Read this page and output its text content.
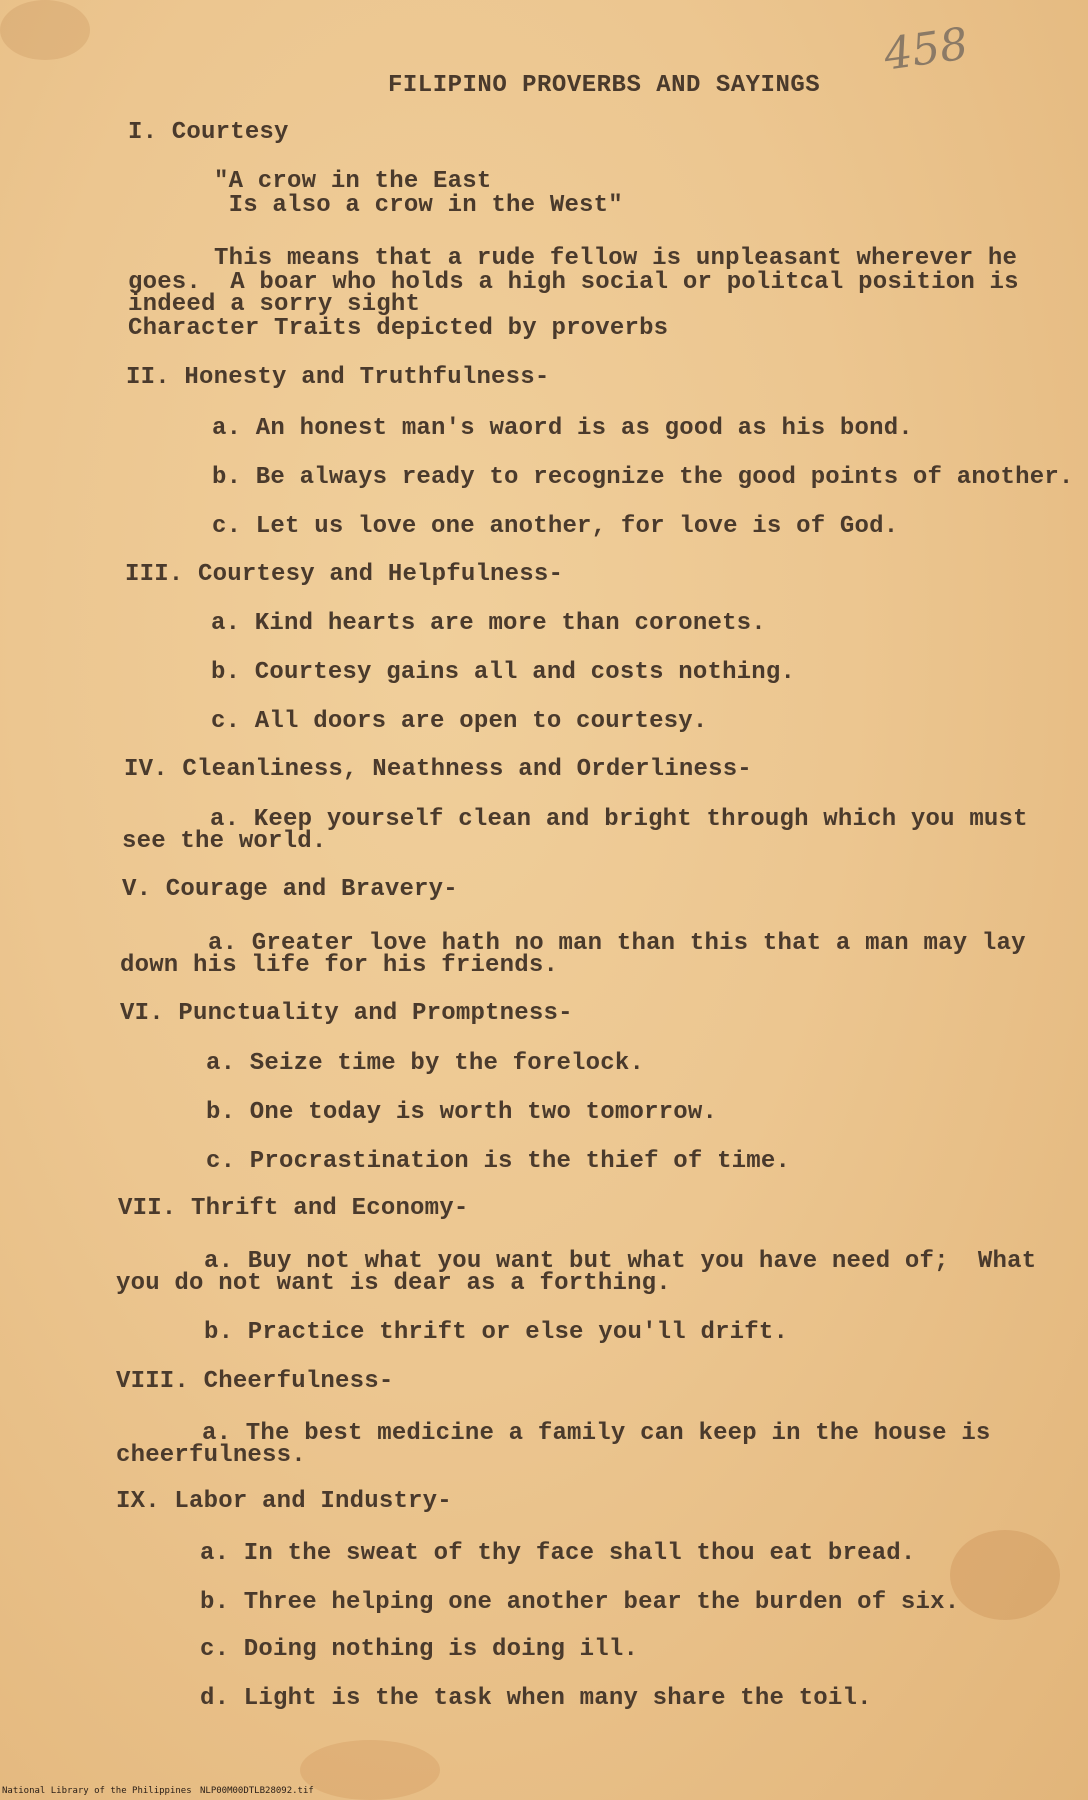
458

FILIPINO PROVERBS AND SAYINGS

I. Courtesy

"A crow in the East

Is also a crow in the West"

This means that a rude fellow is unpleasant wherever he

goes.  A boar who holds a high social or politcal position is

indeed a sorry sight

Character Traits depicted by proverbs

II. Honesty and Truthfulness-

a. An honest man's waord is as good as his bond.

b. Be always ready to recognize the good points of another.

c. Let us love one another, for love is of God.

III. Courtesy and Helpfulness-

a. Kind hearts are more than coronets.

b. Courtesy gains all and costs nothing.

c. All doors are open to courtesy.

IV. Cleanliness, Neathness and Orderliness-

a. Keep yourself clean and bright through which you must

see the world.

V. Courage and Bravery-

a. Greater love hath no man than this that a man may lay

down his life for his friends.

VI. Punctuality and Promptness-

a. Seize time by the forelock.

b. One today is worth two tomorrow.

c. Procrastination is the thief of time.

VII. Thrift and Economy-

a. Buy not what you want but what you have need of;  What

you do not want is dear as a forthing.

b. Practice thrift or else you'll drift.

VIII. Cheerfulness-

a. The best medicine a family can keep in the house is

cheerfulness.

IX. Labor and Industry-

a. In the sweat of thy face shall thou eat bread.

b. Three helping one another bear the burden of six.

c. Doing nothing is doing ill.

d. Light is the task when many share the toil.

National Library of the Philippines NLP00M00DTLB28092.tif
